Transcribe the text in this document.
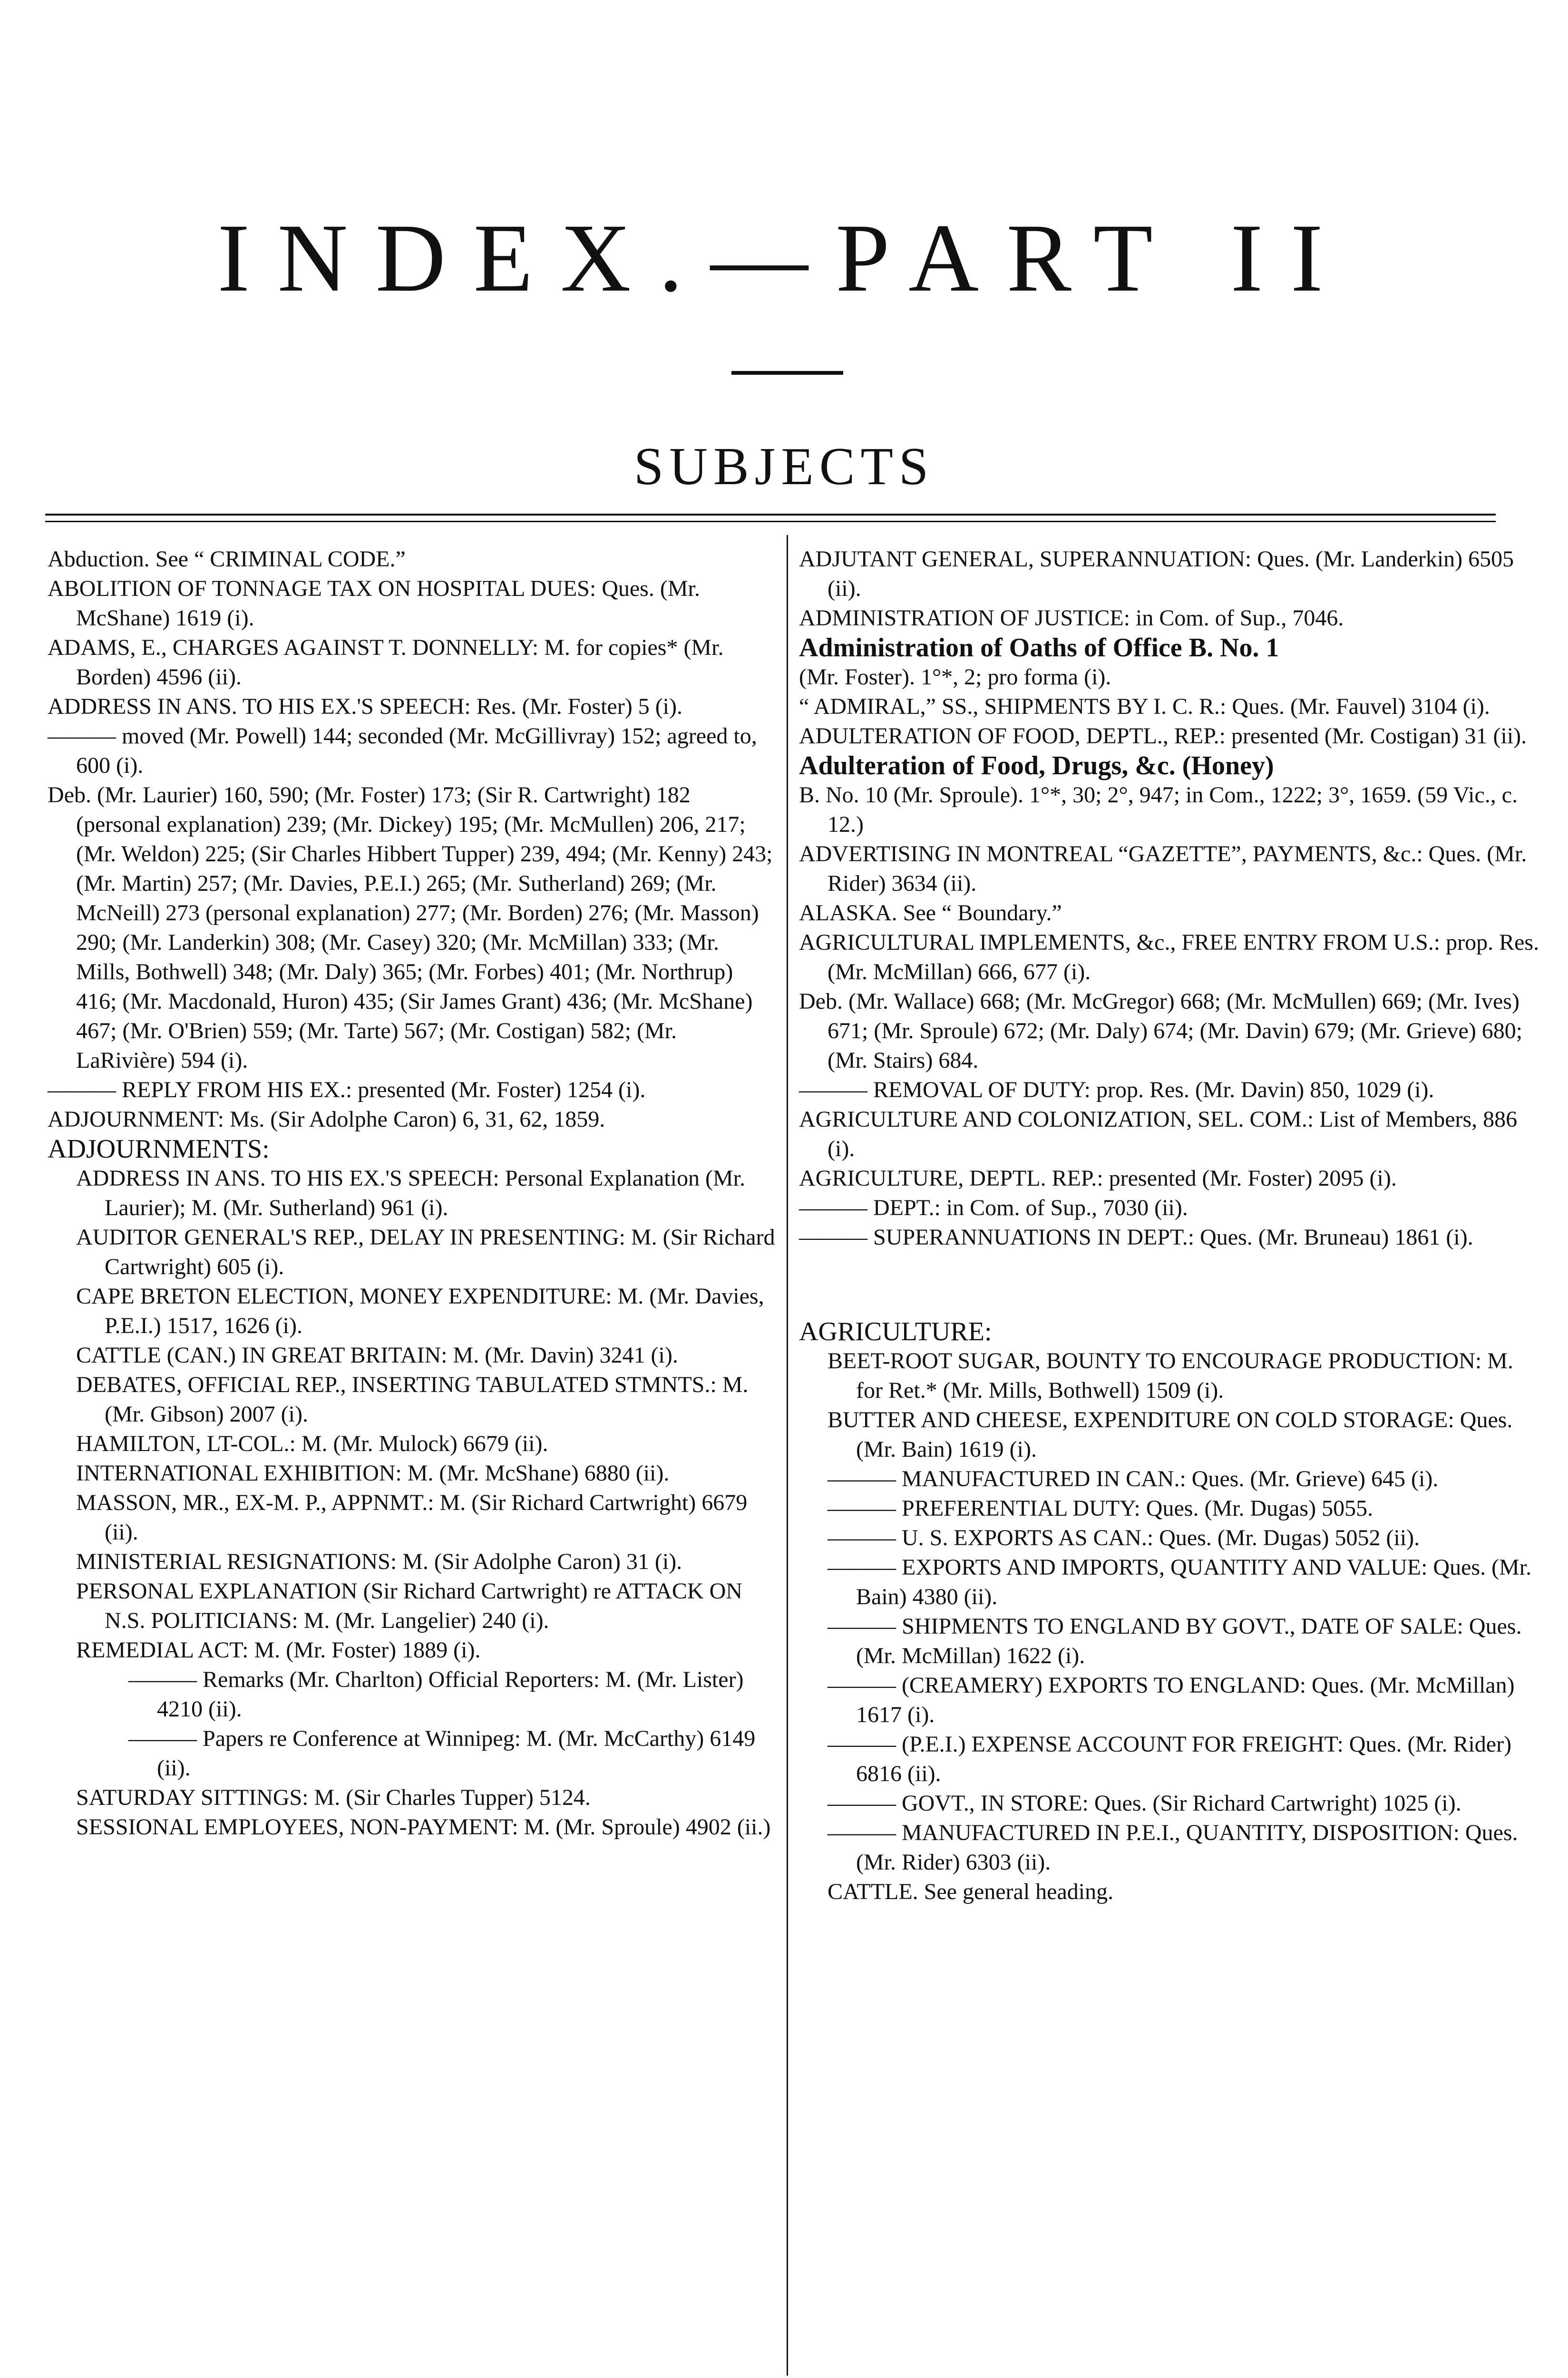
INDEX.—PART II
SUBJECTS

Abduction. See “ CRIMINAL CODE.”

ABOLITION OF TONNAGE TAX ON HOSPITAL DUES: Ques. (Mr. McShane) 1619 (i).

ADAMS, E., CHARGES AGAINST T. DONNELLY: M. for copies* (Mr. Borden) 4596 (ii).

ADDRESS IN ANS. TO HIS EX.'S SPEECH: Res. (Mr. Foster) 5 (i).

——— moved (Mr. Powell) 144; seconded (Mr. McGillivray) 152; agreed to, 600 (i).

Deb. (Mr. Laurier) 160, 590; (Mr. Foster) 173; (Sir R. Cartwright) 182 (personal explanation) 239; (Mr. Dickey) 195; (Mr. McMullen) 206, 217; (Mr. Weldon) 225; (Sir Charles Hibbert Tupper) 239, 494; (Mr. Kenny) 243; (Mr. Martin) 257; (Mr. Davies, P.E.I.) 265; (Mr. Sutherland) 269; (Mr. McNeill) 273 (personal explanation) 277; (Mr. Borden) 276; (Mr. Masson) 290; (Mr. Landerkin) 308; (Mr. Casey) 320; (Mr. McMillan) 333; (Mr. Mills, Bothwell) 348; (Mr. Daly) 365; (Mr. Forbes) 401; (Mr. Northrup) 416; (Mr. Macdonald, Huron) 435; (Sir James Grant) 436; (Mr. McShane) 467; (Mr. O'Brien) 559; (Mr. Tarte) 567; (Mr. Costigan) 582; (Mr. LaRivière) 594 (i).

——— REPLY FROM HIS EX.: presented (Mr. Foster) 1254 (i).

ADJOURNMENT: Ms. (Sir Adolphe Caron) 6, 31, 62, 1859.

ADJOURNMENTS:

ADDRESS IN ANS. TO HIS EX.'S SPEECH: Personal Explanation (Mr. Laurier); M. (Mr. Sutherland) 961 (i).

AUDITOR GENERAL'S REP., DELAY IN PRESENTING: M. (Sir Richard Cartwright) 605 (i).

CAPE BRETON ELECTION, MONEY EXPENDITURE: M. (Mr. Davies, P.E.I.) 1517, 1626 (i).

CATTLE (CAN.) IN GREAT BRITAIN: M. (Mr. Davin) 3241 (i).

DEBATES, OFFICIAL REP., INSERTING TABULATED STMNTS.: M. (Mr. Gibson) 2007 (i).

HAMILTON, LT-COL.: M. (Mr. Mulock) 6679 (ii).

INTERNATIONAL EXHIBITION: M. (Mr. McShane) 6880 (ii).

MASSON, MR., EX-M. P., APPNMT.: M. (Sir Richard Cartwright) 6679 (ii).

MINISTERIAL RESIGNATIONS: M. (Sir Adolphe Caron) 31 (i).

PERSONAL EXPLANATION (Sir Richard Cartwright) re ATTACK ON N.S. POLITICIANS: M. (Mr. Langelier) 240 (i).

REMEDIAL ACT: M. (Mr. Foster) 1889 (i).

——— Remarks (Mr. Charlton) Official Reporters: M. (Mr. Lister) 4210 (ii).

——— Papers re Conference at Winnipeg: M. (Mr. McCarthy) 6149 (ii).

SATURDAY SITTINGS: M. (Sir Charles Tupper) 5124.

SESSIONAL EMPLOYEES, NON-PAYMENT: M. (Mr. Sproule) 4902 (ii.)

ADJUTANT GENERAL, SUPERANNUATION: Ques. (Mr. Landerkin) 6505 (ii).

ADMINISTRATION OF JUSTICE: in Com. of Sup., 7046.

Administration of Oaths of Office B. No. 1

(Mr. Foster). 1°*, 2; pro forma (i).

“ ADMIRAL,” SS., SHIPMENTS BY I. C. R.: Ques. (Mr. Fauvel) 3104 (i).

ADULTERATION OF FOOD, DEPTL., REP.: presented (Mr. Costigan) 31 (ii).

Adulteration of Food, Drugs, &c. (Honey)

B. No. 10 (Mr. Sproule). 1°*, 30; 2°, 947; in Com., 1222; 3°, 1659. (59 Vic., c. 12.)

ADVERTISING IN MONTREAL “GAZETTE”, PAYMENTS, &c.: Ques. (Mr. Rider) 3634 (ii).

ALASKA. See “ Boundary.”

AGRICULTURAL IMPLEMENTS, &c., FREE ENTRY FROM U.S.: prop. Res. (Mr. McMillan) 666, 677 (i).

Deb. (Mr. Wallace) 668; (Mr. McGregor) 668; (Mr. McMullen) 669; (Mr. Ives) 671; (Mr. Sproule) 672; (Mr. Daly) 674; (Mr. Davin) 679; (Mr. Grieve) 680; (Mr. Stairs) 684.

——— REMOVAL OF DUTY: prop. Res. (Mr. Davin) 850, 1029 (i).

AGRICULTURE AND COLONIZATION, SEL. COM.: List of Members, 886 (i).

AGRICULTURE, DEPTL. REP.: presented (Mr. Foster) 2095 (i).

——— DEPT.: in Com. of Sup., 7030 (ii).

——— SUPERANNUATIONS IN DEPT.: Ques. (Mr. Bruneau) 1861 (i).

AGRICULTURE:

BEET-ROOT SUGAR, BOUNTY TO ENCOURAGE PRODUCTION: M. for Ret.* (Mr. Mills, Bothwell) 1509 (i).

BUTTER AND CHEESE, EXPENDITURE ON COLD STORAGE: Ques. (Mr. Bain) 1619 (i).

——— MANUFACTURED IN CAN.: Ques. (Mr. Grieve) 645 (i).

——— PREFERENTIAL DUTY: Ques. (Mr. Dugas) 5055.

——— U. S. EXPORTS AS CAN.: Ques. (Mr. Dugas) 5052 (ii).

——— EXPORTS AND IMPORTS, QUANTITY AND VALUE: Ques. (Mr. Bain) 4380 (ii).

——— SHIPMENTS TO ENGLAND BY GOVT., DATE OF SALE: Ques. (Mr. McMillan) 1622 (i).

——— (CREAMERY) EXPORTS TO ENGLAND: Ques. (Mr. McMillan) 1617 (i).

——— (P.E.I.) EXPENSE ACCOUNT FOR FREIGHT: Ques. (Mr. Rider) 6816 (ii).

——— GOVT., IN STORE: Ques. (Sir Richard Cartwright) 1025 (i).

——— MANUFACTURED IN P.E.I., QUANTITY, DISPOSITION: Ques. (Mr. Rider) 6303 (ii).

CATTLE. See general heading.
